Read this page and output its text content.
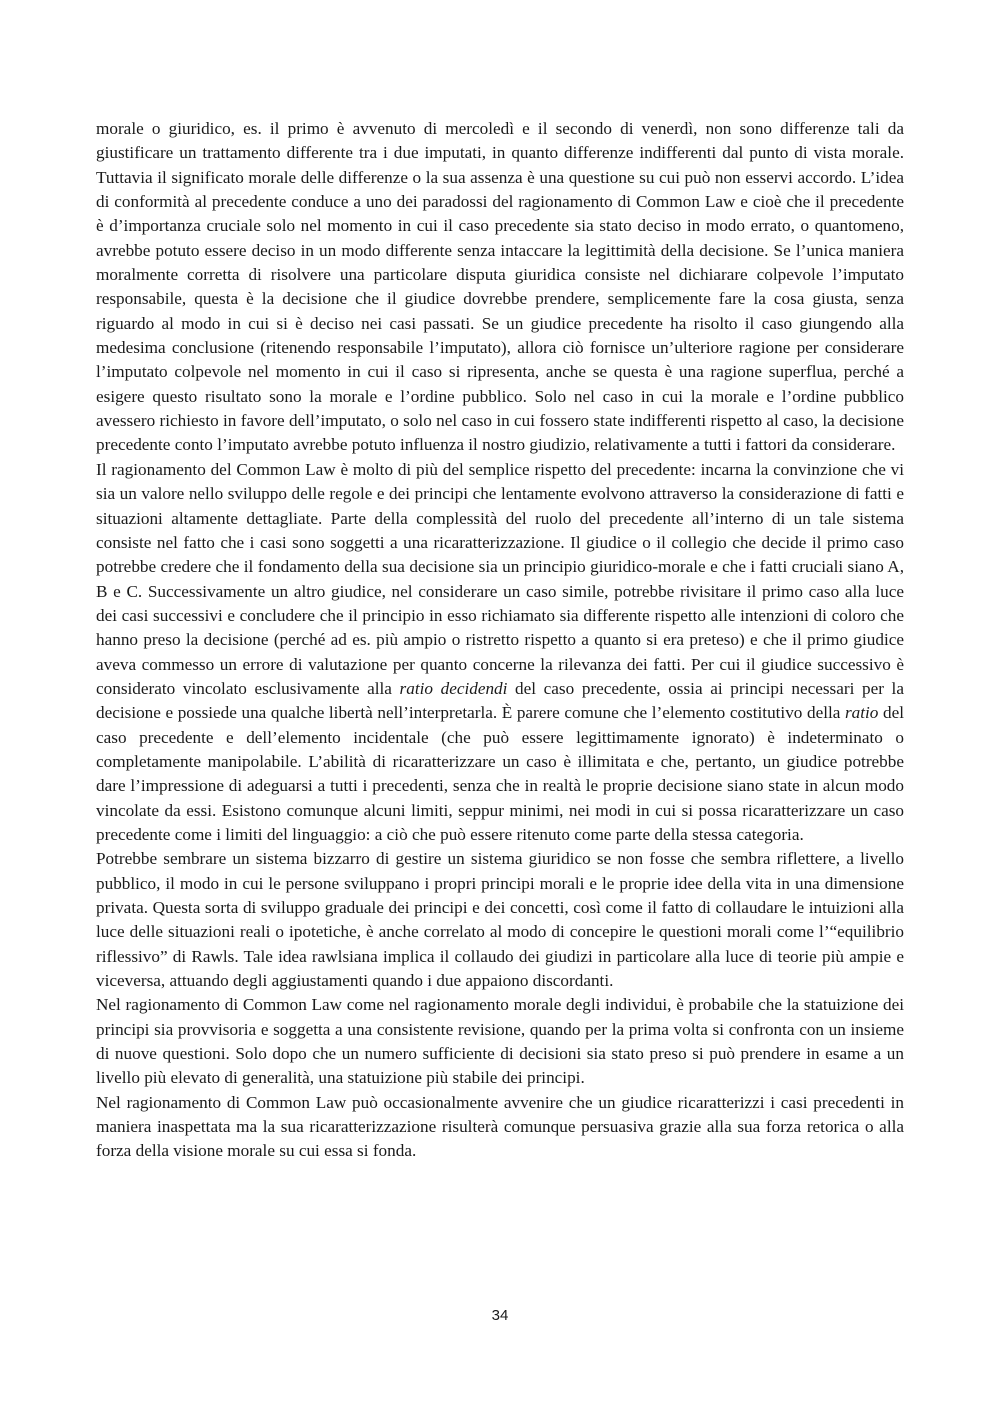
morale o giuridico, es. il primo è avvenuto di mercoledì e il secondo di venerdì, non sono differenze tali da giustificare un trattamento differente tra i due imputati, in quanto differenze indifferenti dal punto di vista morale. Tuttavia il significato morale delle differenze o la sua assenza è una questione su cui può non esservi accordo. L’idea di conformità al precedente conduce a uno dei paradossi del ragionamento di Common Law e cioè che il precedente è d’importanza cruciale solo nel momento in cui il caso precedente sia stato deciso in modo errato, o quantomeno, avrebbe potuto essere deciso in un modo differente senza intaccare la legittimità della decisione. Se l’unica maniera moralmente corretta di risolvere una particolare disputa giuridica consiste nel dichiarare colpevole l’imputato responsabile, questa è la decisione che il giudice dovrebbe prendere, semplicemente fare la cosa giusta, senza riguardo al modo in cui si è deciso nei casi passati. Se un giudice precedente ha risolto il caso giungendo alla medesima conclusione (ritenendo responsabile l’imputato), allora ciò fornisce un’ulteriore ragione per considerare l’imputato colpevole nel momento in cui il caso si ripresenta, anche se questa è una ragione superflua, perché a esigere questo risultato sono la morale e l’ordine pubblico. Solo nel caso in cui la morale e l’ordine pubblico avessero richiesto in favore dell’imputato, o solo nel caso in cui fossero state indifferenti rispetto al caso, la decisione precedente conto l’imputato avrebbe potuto influenza il nostro giudizio, relativamente a tutti i fattori da considerare.

Il ragionamento del Common Law è molto di più del semplice rispetto del precedente: incarna la convinzione che vi sia un valore nello sviluppo delle regole e dei principi che lentamente evolvono attraverso la considerazione di fatti e situazioni altamente dettagliate. Parte della complessità del ruolo del precedente all’interno di un tale sistema consiste nel fatto che i casi sono soggetti a una ricaratterizzazione. Il giudice o il collegio che decide il primo caso potrebbe credere che il fondamento della sua decisione sia un principio giuridico-morale e che i fatti cruciali siano A, B e C. Successivamente un altro giudice, nel considerare un caso simile, potrebbe rivisitare il primo caso alla luce dei casi successivi e concludere che il principio in esso richiamato sia differente rispetto alle intenzioni di coloro che hanno preso la decisione (perché ad es. più ampio o ristretto rispetto a quanto si era preteso) e che il primo giudice aveva commesso un errore di valutazione per quanto concerne la rilevanza dei fatti. Per cui il giudice successivo è considerato vincolato esclusivamente alla ratio decidendi del caso precedente, ossia ai principi necessari per la decisione e possiede una qualche libertà nell’interpretarla. È parere comune che l’elemento costitutivo della ratio del caso precedente e dell’elemento incidentale (che può essere legittimamente ignorato) è indeterminato o completamente manipolabile. L’abilità di ricaratterizzare un caso è illimitata e che, pertanto, un giudice potrebbe dare l’impressione di adeguarsi a tutti i precedenti, senza che in realtà le proprie decisione siano state in alcun modo vincolate da essi. Esistono comunque alcuni limiti, seppur minimi, nei modi in cui si possa ricaratterizzare un caso precedente come i limiti del linguaggio: a ciò che può essere ritenuto come parte della stessa categoria.

Potrebbe sembrare un sistema bizzarro di gestire un sistema giuridico se non fosse che sembra riflettere, a livello pubblico, il modo in cui le persone sviluppano i propri principi morali e le proprie idee della vita in una dimensione privata. Questa sorta di sviluppo graduale dei principi e dei concetti, così come il fatto di collaudare le intuizioni alla luce delle situazioni reali o ipotetiche, è anche correlato al modo di concepire le questioni morali come l’“equilibrio riflessivo” di Rawls. Tale idea rawlsiana implica il collaudo dei giudizi in particolare alla luce di teorie più ampie e viceversa, attuando degli aggiustamenti quando i due appaiono discordanti.

Nel ragionamento di Common Law come nel ragionamento morale degli individui, è probabile che la statuizione dei principi sia provvisoria e soggetta a una consistente revisione, quando per la prima volta si confronta con un insieme di nuove questioni. Solo dopo che un numero sufficiente di decisioni sia stato preso si può prendere in esame a un livello più elevato di generalità, una statuizione più stabile dei principi.

Nel ragionamento di Common Law può occasionalmente avvenire che un giudice ricaratterizzi i casi precedenti in maniera inaspettata ma la sua ricaratterizzazione risulterà comunque persuasiva grazie alla sua forza retorica o alla forza della visione morale su cui essa si fonda.

34
